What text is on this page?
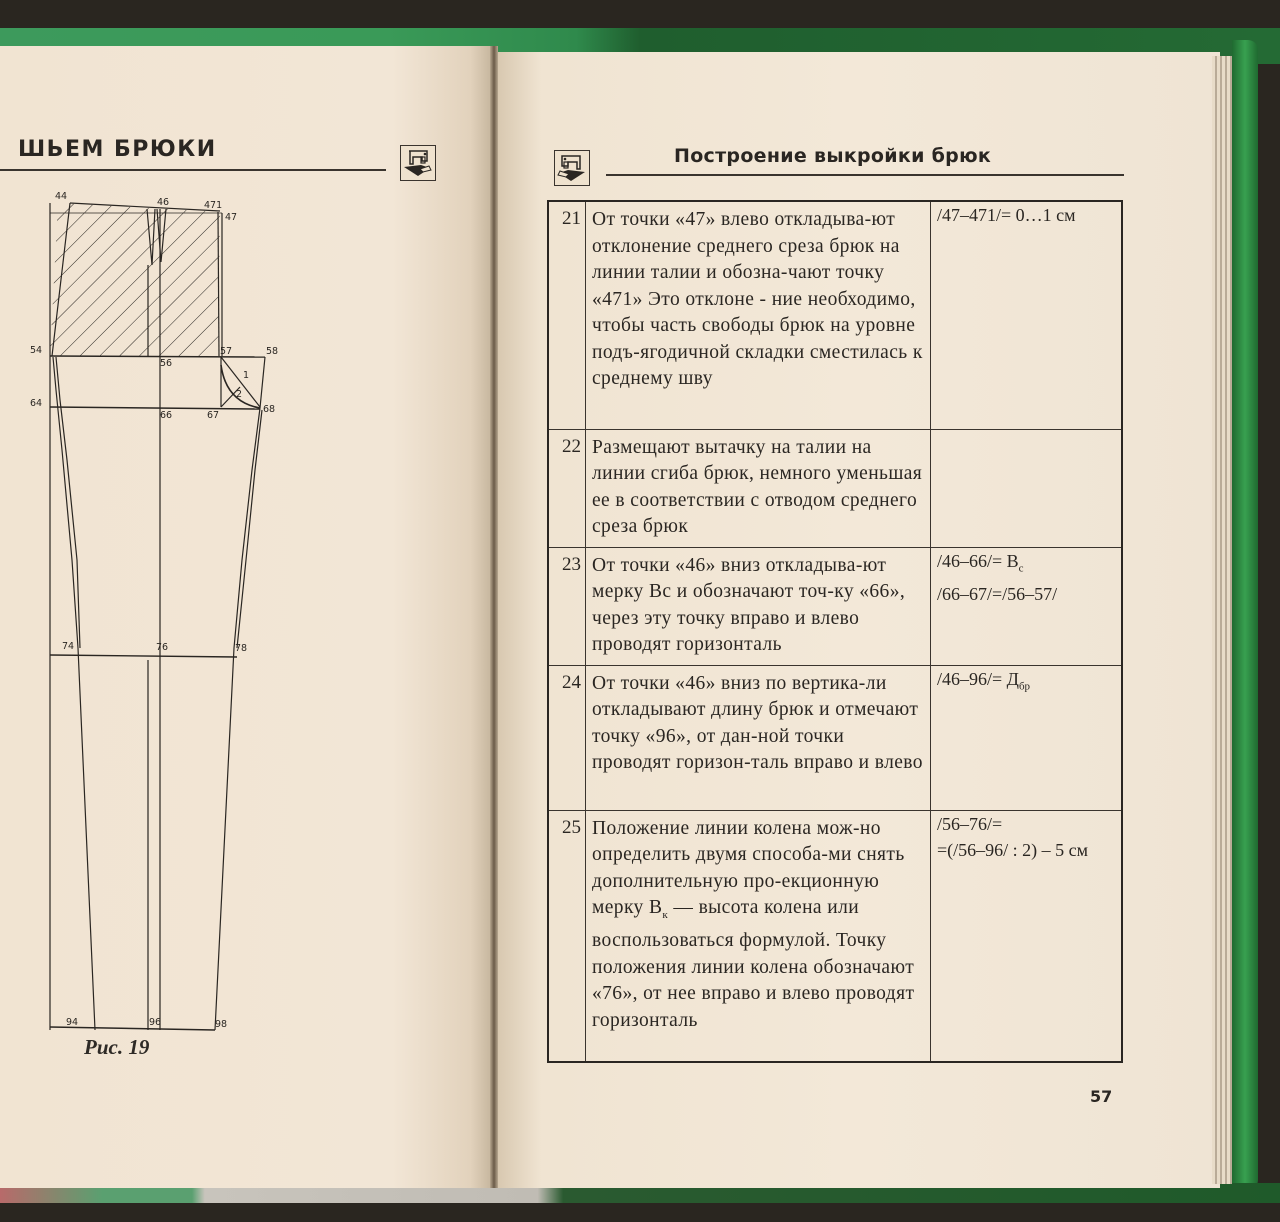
ШЬЕМ БРЮКИ	Построение выкройки брюк
44
46	471
47
54
56
57	58
1
2
64
66	67
68
74	76	78
94	96	98
Рис. 19
21	От точки «47» влево откладыва-ют отклонение среднего среза брюк на линии талии и обозна-чают точку «471» Это отклоне - ние необходимо, чтобы часть свободы брюк на уровне подъ-ягодичной складки сместилась к среднему шву	/47–471/= 0…1 см

22	Размещают вытачку на талии на линии сгиба брюк, немного уменьшая ее в соответствии с отводом среднего среза брюк	
23	От точки «46» вниз откладыва-ют мерку Вс и обозначают точ-ку «66», через эту точку вправо и влево проводят горизонталь	$/46-66/= В_с$
/66–67/=/56–57/

24	От точки «46» вниз по вертика-ли откладывают длину брюк и отмечают точку «96», от дан-ной точки проводят горизон-таль вправо и влево	$/46-96/= Д_{бр}$

25	Положение линии колена мож-но определить двумя способа-ми снять дополнительную про-екционную мерку $В_к$ — высота колена или воспользоваться формулой. Точку положения линии колена обозначают «76», от нее вправо и влево проводят горизонталь	/56–76/=
=(/56–96/ : 2) – 5 см
57
